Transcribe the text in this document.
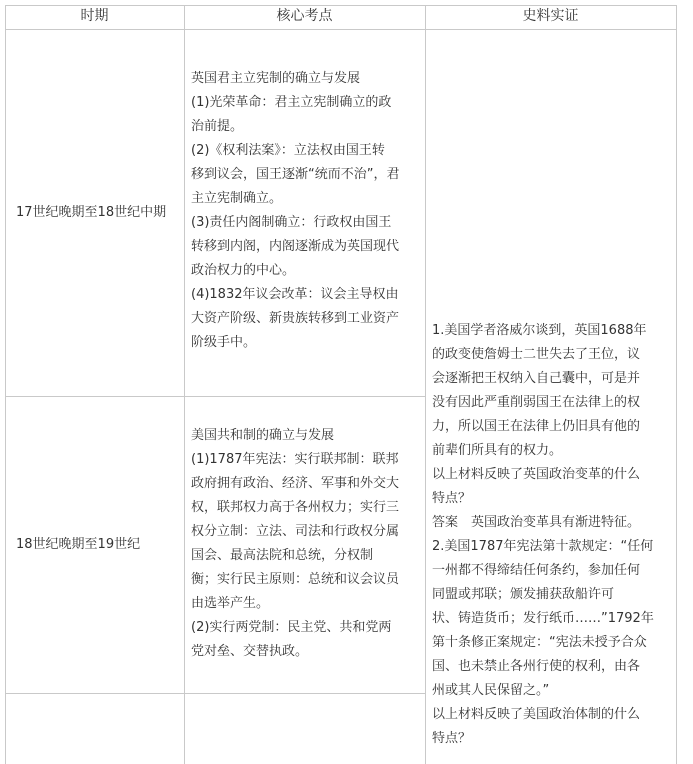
时期	核心考点	史料实证
17世纪晚期至18世纪中期
英国君主立宪制的确立与发展
(1)光荣革命：君主立宪制确立的政
治前提。
(2)《权利法案》：立法权由国王转
移到议会，国王逐渐“统而不治”，君
主立宪制确立。
(3)责任内阁制确立：行政权由国王
转移到内阁，内阁逐渐成为英国现代
政治权力的中心。
(4)1832年议会改革：议会主导权由
大资产阶级、新贵族转移到工业资产
阶级手中。
18世纪晚期至19世纪
美国共和制的确立与发展
(1)1787年宪法：实行联邦制：联邦
政府拥有政治、经济、军事和外交大
权，联邦权力高于各州权力；实行三
权分立制：立法、司法和行政权分属
国会、最高法院和总统，分权制
衡；实行民主原则：总统和议会议员
由选举产生。
(2)实行两党制：民主党、共和党两
党对垒、交替执政。
1.美国学者洛威尔谈到，英国1688年
的政变使詹姆士二世失去了王位，议
会逐渐把王权纳入自己囊中，可是并
没有因此严重削弱国王在法律上的权
力，所以国王在法律上仍旧具有他的
前辈们所具有的权力。
以上材料反映了英国政治变革的什么
特点？
答案　英国政治变革具有渐进特征。
2.美国1787年宪法第十款规定：“任何
一州都不得缔结任何条约，参加任何
同盟或邦联；颁发捕获敌船许可
状、铸造货币；发行纸币……”1792年
第十条修正案规定：“宪法未授予合众
国、也未禁止各州行使的权利，由各
州或其人民保留之。”
以上材料反映了美国政治体制的什么
特点？
